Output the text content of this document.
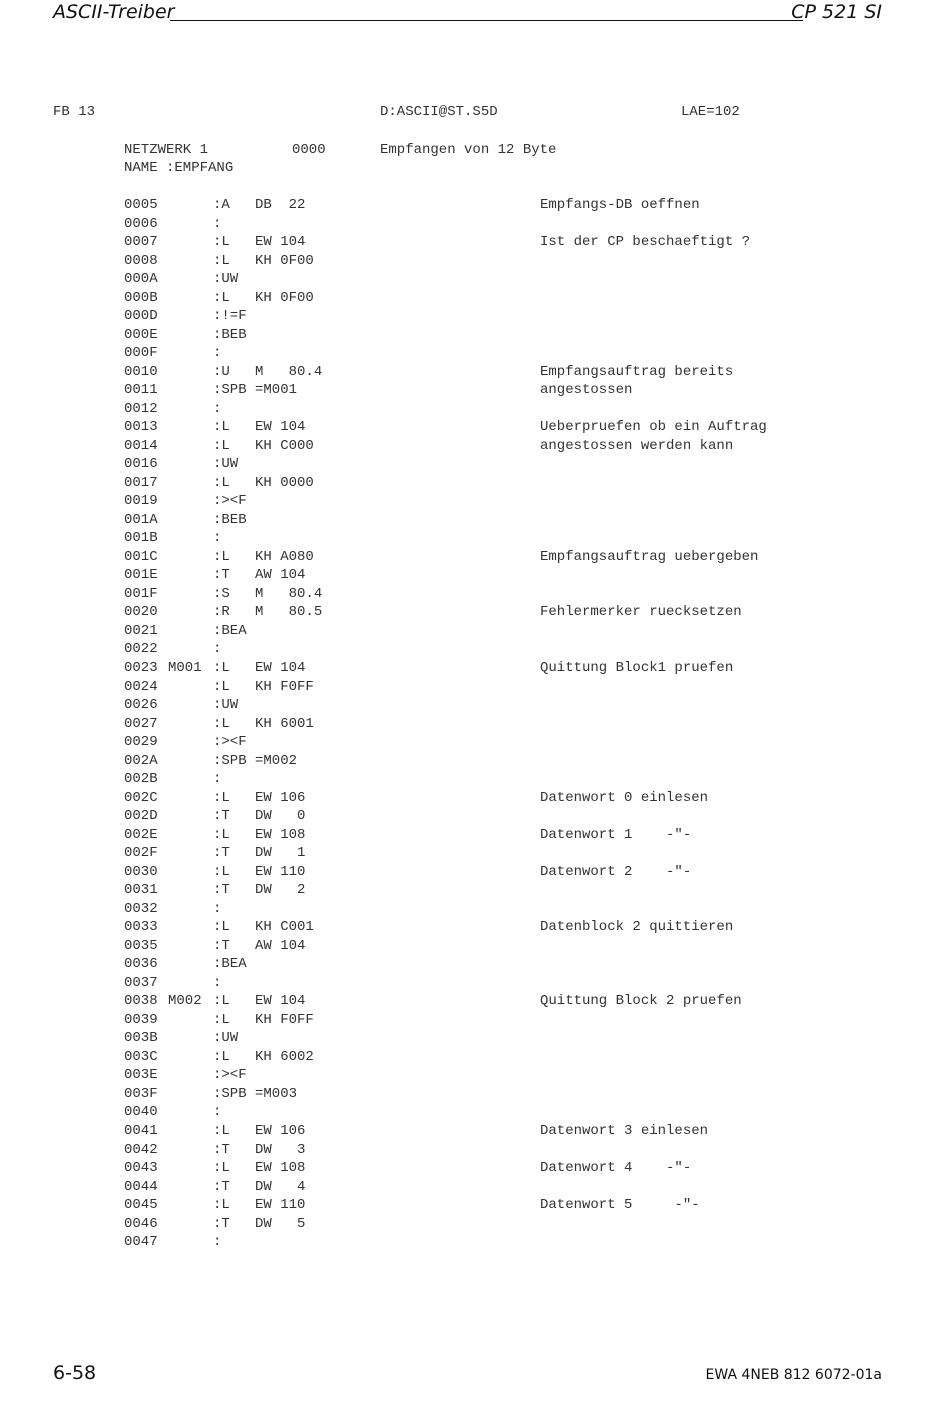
ASCII-Treiber	CP 521 SI
FB 13	D:ASCII@ST.S5D	LAE=102
NETZWERK 1	0000	Empfangen von 12 Byte
NAME :EMPFANG
0005	:A   DB  22	Empfangs-DB oeffnen
0006	:
0007	:L   EW 104	Ist der CP beschaeftigt ?
0008	:L   KH 0F00
000A	:UW
000B	:L   KH 0F00
000D	:!=F
000E	:BEB
000F	:
0010	:U   M   80.4	Empfangsauftrag bereits
0011	:SPB =M001	angestossen
0012	:
0013	:L   EW 104	Ueberpruefen ob ein Auftrag
0014	:L   KH C000	angestossen werden kann
0016	:UW
0017	:L   KH 0000
0019	:><F
001A	:BEB
001B	:
001C	:L   KH A080	Empfangsauftrag uebergeben
001E	:T   AW 104
001F	:S   M   80.4
0020	:R   M   80.5	Fehlermerker ruecksetzen
0021	:BEA
0022	:
0023 M001 :L   EW 104	Quittung Block1 pruefen
0024	:L   KH F0FF
0026	:UW
0027	:L   KH 6001
0029	:><F
002A	:SPB =M002
002B	:
002C	:L   EW 106	Datenwort 0 einlesen
002D	:T   DW   0
002E	:L   EW 108	Datenwort 1    -"-
002F	:T   DW   1
0030	:L   EW 110	Datenwort 2    -"-
0031	:T   DW   2
0032	:
0033	:L   KH C001	Datenblock 2 quittieren
0035	:T   AW 104
0036	:BEA
0037	:
0038 M002 :L   EW 104	Quittung Block 2 pruefen
0039	:L   KH F0FF
003B	:UW
003C	:L   KH 6002
003E	:><F
003F	:SPB =M003
0040	:
0041	:L   EW 106	Datenwort 3 einlesen
0042	:T   DW   3
0043	:L   EW 108	Datenwort 4    -"-
0044	:T   DW   4
0045	:L   EW 110	Datenwort 5     -"-
0046	:T   DW   5
0047	:
6-58	EWA 4NEB 812 6072-01a
